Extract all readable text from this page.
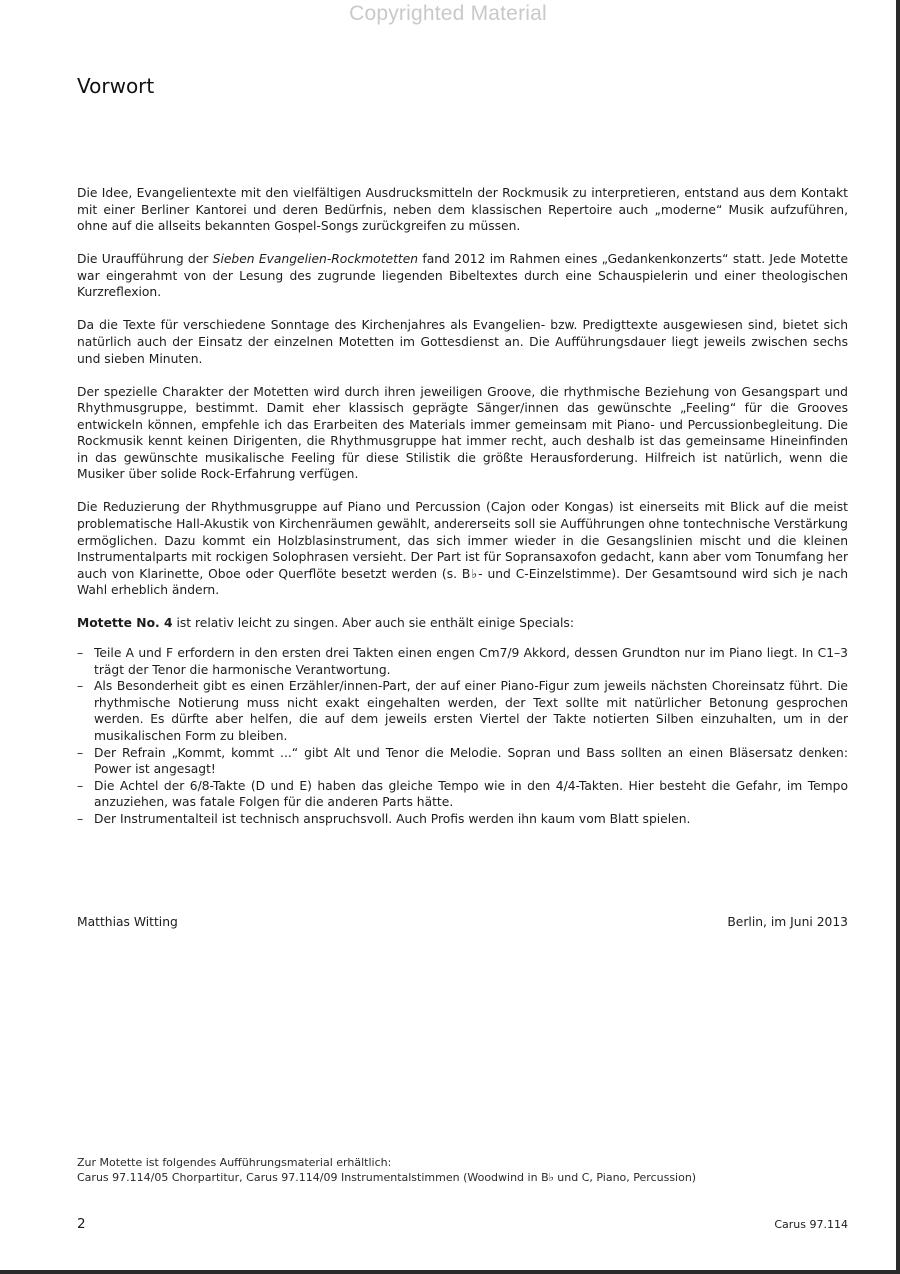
Copyrighted Material
Vorwort

Die Idee, Evangelientexte mit den vielfältigen Ausdrucksmitteln der Rockmusik zu interpretieren, entstand aus dem Kontakt mit einer Berliner Kantorei und deren Bedürfnis, neben dem klassischen Repertoire auch „moderne“ Musik aufzuführen, ohne auf die allseits bekannten Gospel-Songs zurückgreifen zu müssen.

Die Uraufführung der Sieben Evangelien-Rockmotetten fand 2012 im Rahmen eines „Gedankenkonzerts“ statt. Jede Motette war eingerahmt von der Lesung des zugrunde liegenden Bibeltextes durch eine Schauspielerin und einer theologischen Kurzreflexion.

Da die Texte für verschiedene Sonntage des Kirchenjahres als Evangelien- bzw. Predigttexte ausgewiesen sind, bietet sich natürlich auch der Einsatz der einzelnen Motetten im Gottesdienst an. Die Aufführungsdauer liegt jeweils zwischen sechs und sieben Minuten.

Der spezielle Charakter der Motetten wird durch ihren jeweiligen Groove, die rhythmische Beziehung von Gesangspart und Rhythmusgruppe, bestimmt. Damit eher klassisch geprägte Sänger/innen das gewünschte „Feeling“ für die Grooves entwickeln können, empfehle ich das Erarbeiten des Materials immer gemeinsam mit Piano- und Percussionbegleitung. Die Rockmusik kennt keinen Dirigenten, die Rhythmusgruppe hat immer recht, auch deshalb ist das gemeinsame Hineinfinden in das gewünschte musikalische Feeling für diese Stilistik die größte Herausforderung. Hilfreich ist natürlich, wenn die Musiker über solide Rock-Erfahrung verfügen.

Die Reduzierung der Rhythmusgruppe auf Piano und Percussion (Cajon oder Kongas) ist einerseits mit Blick auf die meist problematische Hall-Akustik von Kirchenräumen gewählt, andererseits soll sie Aufführungen ohne tontechnische Verstärkung ermöglichen. Dazu kommt ein Holzblasinstrument, das sich immer wieder in die Gesangslinien mischt und die kleinen Instrumentalparts mit rockigen Solophrasen versieht. Der Part ist für Sopransaxofon gedacht, kann aber vom Tonumfang her auch von Klarinette, Oboe oder Querflöte besetzt werden (s. B♭- und C-Einzelstimme). Der Gesamtsound wird sich je nach Wahl erheblich ändern.

Motette No. 4 ist relativ leicht zu singen. Aber auch sie enthält einige Specials:

– Teile A und F erfordern in den ersten drei Takten einen engen Cm7/9 Akkord, dessen Grundton nur im Piano liegt. In C1–3 trägt der Tenor die harmonische Verantwortung.
– Als Besonderheit gibt es einen Erzähler/innen-Part, der auf einer Piano-Figur zum jeweils nächsten Choreinsatz führt. Die rhythmische Notierung muss nicht exakt eingehalten werden, der Text sollte mit natürlicher Betonung gesprochen werden. Es dürfte aber helfen, die auf dem jeweils ersten Viertel der Takte notierten Silben einzuhalten, um in der musikalischen Form zu bleiben.
– Der Refrain „Kommt, kommt ...“ gibt Alt und Tenor die Melodie. Sopran und Bass sollten an einen Bläsersatz denken: Power ist angesagt!
– Die Achtel der 6/8-Takte (D und E) haben das gleiche Tempo wie in den 4/4-Takten. Hier besteht die Gefahr, im Tempo anzuziehen, was fatale Folgen für die anderen Parts hätte.
– Der Instrumentalteil ist technisch anspruchsvoll. Auch Profis werden ihn kaum vom Blatt spielen.
Matthias Witting	Berlin, im Juni 2013
Zur Motette ist folgendes Aufführungsmaterial erhältlich:
Carus 97.114/05 Chorpartitur, Carus 97.114/09 Instrumentalstimmen (Woodwind in B♭ und C, Piano, Percussion)
2	Carus 97.114
